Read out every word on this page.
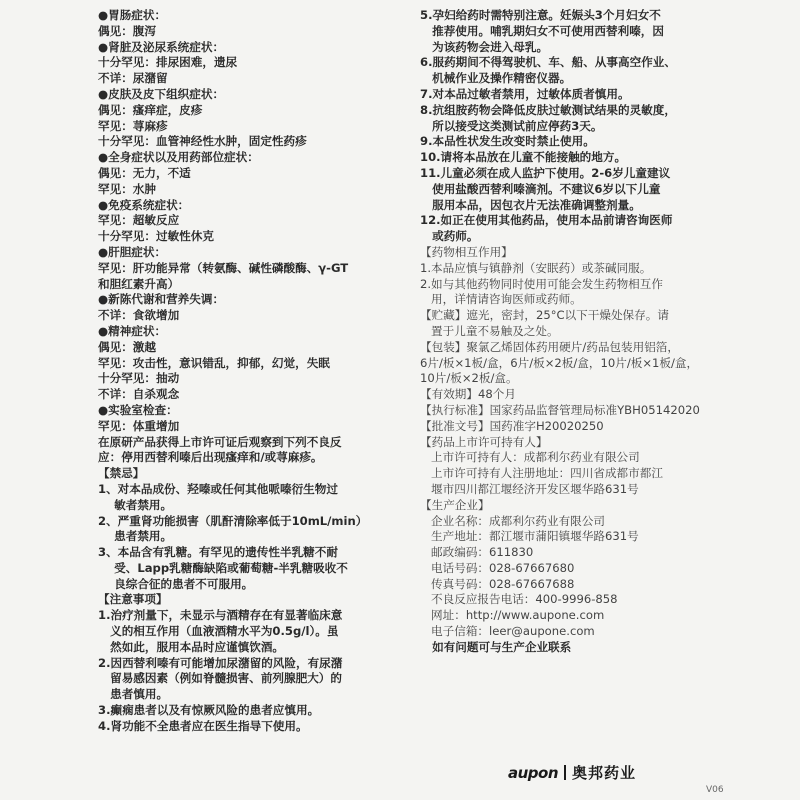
●胃肠症状：
偶见：腹泻
●肾脏及泌尿系统症状：
十分罕见：排尿困难，遗尿
不详：尿潴留
●皮肤及皮下组织症状：
偶见：瘙痒症，皮疹
罕见：荨麻疹
十分罕见：血管神经性水肿，固定性药疹
●全身症状以及用药部位症状：
偶见：无力，不适
罕见：水肿
●免疫系统症状：
罕见：超敏反应
十分罕见：过敏性休克
●肝胆症状：
罕见：肝功能异常（转氨酶、碱性磷酸酶、γ-GT
和胆红素升高）
●新陈代谢和营养失调：
不详：食欲增加
●精神症状：
偶见：激越
罕见：攻击性，意识错乱，抑郁，幻觉，失眠
十分罕见：抽动
不详：自杀观念
●实验室检查：
罕见：体重增加
在原研产品获得上市许可证后观察到下列不良反
应：停用西替利嗪后出现瘙痒和/或荨麻疹。
【禁忌】
1、对本品成份、羟嗪或任何其他哌嗪衍生物过
敏者禁用。
2、严重肾功能损害（肌酐清除率低于10mL/min）
患者禁用。
3、本品含有乳糖。有罕见的遗传性半乳糖不耐
受、Lapp乳糖酶缺陷或葡萄糖-半乳糖吸收不
良综合征的患者不可服用。
【注意事项】
1.治疗剂量下，未显示与酒精存在有显著临床意
义的相互作用（血液酒精水平为0.5g/l）。虽
然如此，服用本品时应谨慎饮酒。
2.因西替利嗪有可能增加尿潴留的风险，有尿潴
留易感因素（例如脊髓损害、前列腺肥大）的
患者慎用。
3.癫痫患者以及有惊厥风险的患者应慎用。
4.肾功能不全患者应在医生指导下使用。
5.孕妇给药时需特别注意。妊娠头3个月妇女不
推荐使用。哺乳期妇女不可使用西替利嗪，因
为该药物会进入母乳。
6.服药期间不得驾驶机、车、船、从事高空作业、
机械作业及操作精密仪器。
7.对本品过敏者禁用，过敏体质者慎用。
8.抗组胺药物会降低皮肤过敏测试结果的灵敏度，
所以接受这类测试前应停药3天。
9.本品性状发生改变时禁止使用。
10.请将本品放在儿童不能接触的地方。
11.儿童必须在成人监护下使用。2-6岁儿童建议
使用盐酸西替利嗪滴剂。不建议6岁以下儿童
服用本品，因包衣片无法准确调整剂量。
12.如正在使用其他药品，使用本品前请咨询医师
或药师。
【药物相互作用】
1.本品应慎与镇静剂（安眠药）或茶碱同服。
2.如与其他药物同时使用可能会发生药物相互作
用，详情请咨询医师或药师。
【贮藏】遮光，密封，25°C以下干燥处保存。请
置于儿童不易触及之处。
【包装】聚氯乙烯固体药用硬片/药品包装用铝箔，
6片/板×1板/盒，6片/板×2板/盒，10片/板×1板/盒，
10片/板×2板/盒。
【有效期】48个月
【执行标准】国家药品监督管理局标准YBH05142020
【批准文号】国药准字H20020250
【药品上市许可持有人】
上市许可持有人：成都利尔药业有限公司
上市许可持有人注册地址：四川省成都市都江
堰市四川都江堰经济开发区堰华路631号
【生产企业】
企业名称：成都利尔药业有限公司
生产地址：都江堰市蒲阳镇堰华路631号
邮政编码：611830
电话号码：028-67667680
传真号码：028-67667688
不良反应报告电话：400-9996-858
网址：http://www.aupone.com
电子信箱：leer@aupone.com
如有问题可与生产企业联系
aupon 奥邦药业
V06
